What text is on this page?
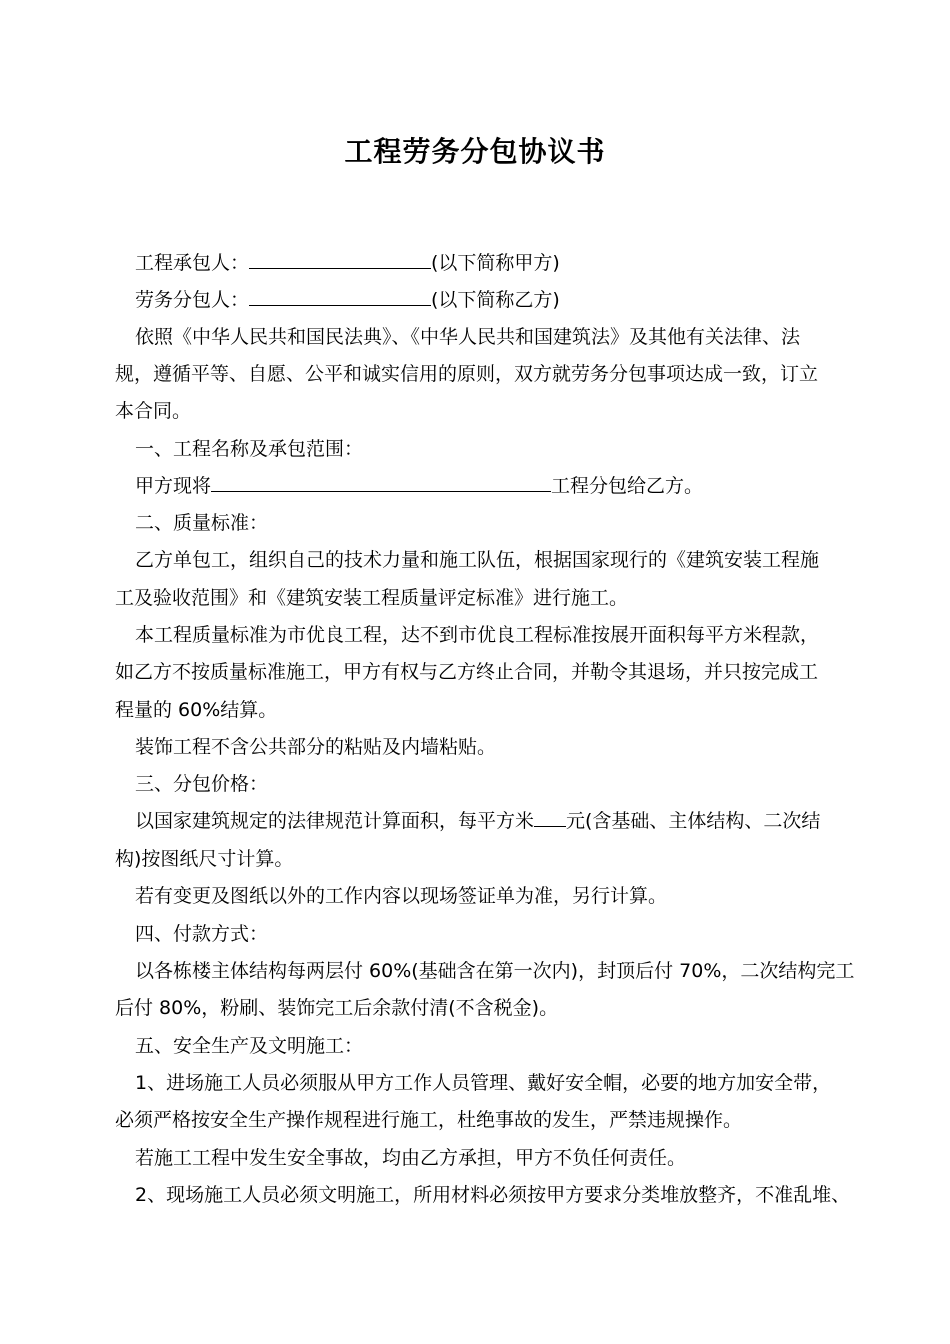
工程劳务分包协议书
工程承包人：	(以下简称甲方)
劳务分包人：	(以下简称乙方)
依照《中华人民共和国民法典》、《中华人民共和国建筑法》及其他有关法律、法
规，遵循平等、自愿、公平和诚实信用的原则，双方就劳务分包事项达成一致，订立
本合同。
一、工程名称及承包范围：
甲方现将	工程分包给乙方。
二、质量标准：
乙方单包工，组织自己的技术力量和施工队伍，根据国家现行的《建筑安装工程施
工及验收范围》和《建筑安装工程质量评定标准》进行施工。
本工程质量标准为市优良工程，达不到市优良工程标准按展开面积每平方米程款，
如乙方不按质量标准施工，甲方有权与乙方终止合同，并勒令其退场，并只按完成工
程量的 60%结算。
装饰工程不含公共部分的粘贴及内墙粘贴。
三、分包价格：
以国家建筑规定的法律规范计算面积，每平方米 元(含基础、主体结构、二次结
构)按图纸尺寸计算。
若有变更及图纸以外的工作内容以现场签证单为准，另行计算。
四、付款方式：
以各栋楼主体结构每两层付 60%(基础含在第一次内)，封顶后付 70%，二次结构完工
后付 80%，粉刷、装饰完工后余款付清(不含税金)。
五、安全生产及文明施工：
1、进场施工人员必须服从甲方工作人员管理、戴好安全帽，必要的地方加安全带，
必须严格按安全生产操作规程进行施工，杜绝事故的发生，严禁违规操作。
若施工工程中发生安全事故，均由乙方承担，甲方不负任何责任。
2、现场施工人员必须文明施工，所用材料必须按甲方要求分类堆放整齐，不准乱堆、
